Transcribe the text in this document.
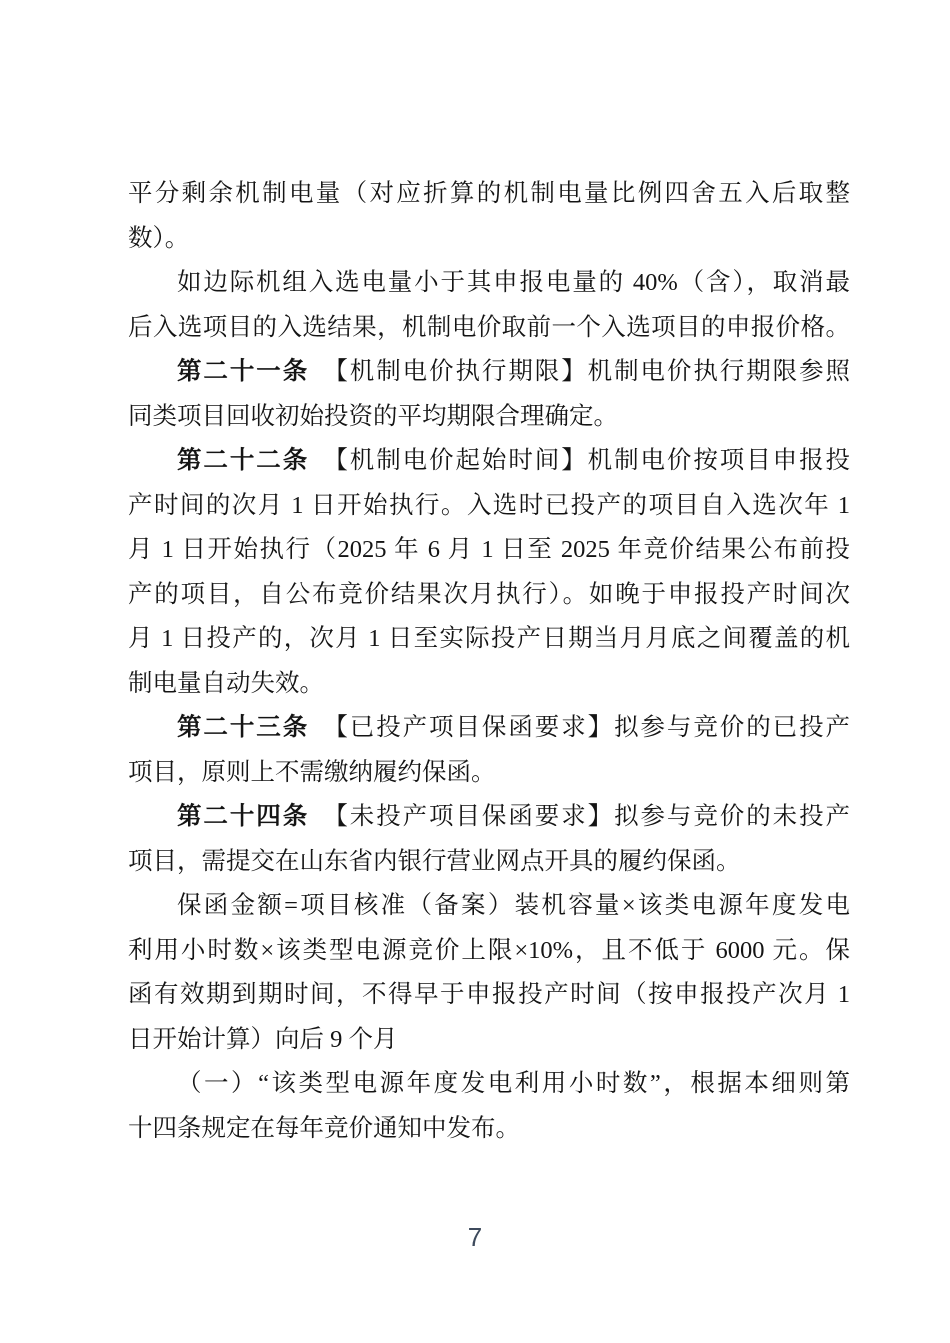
平分剩余机制电量（对应折算的机制电量比例四舍五入后取整
数）。
如边际机组入选电量小于其申报电量的 40%（含），取消最
后入选项目的入选结果，机制电价取前一个入选项目的申报价格。
第二十一条　【机制电价执行期限】机制电价执行期限参照
同类项目回收初始投资的平均期限合理确定。
第二十二条　【机制电价起始时间】机制电价按项目申报投
产时间的次月 1 日开始执行。入选时已投产的项目自入选次年 1
月 1 日开始执行（2025 年 6 月 1 日至 2025 年竞价结果公布前投
产的项目，自公布竞价结果次月执行）。如晚于申报投产时间次
月 1 日投产的，次月 1 日至实际投产日期当月月底之间覆盖的机
制电量自动失效。
第二十三条　【已投产项目保函要求】拟参与竞价的已投产
项目，原则上不需缴纳履约保函。
第二十四条　【未投产项目保函要求】拟参与竞价的未投产
项目，需提交在山东省内银行营业网点开具的履约保函。
保函金额=项目核准（备案）装机容量×该类电源年度发电
利用小时数×该类型电源竞价上限×10%，且不低于 6000 元。保
函有效期到期时间，不得早于申报投产时间（按申报投产次月 1
日开始计算）向后 9 个月
（一）“该类型电源年度发电利用小时数”，根据本细则第
十四条规定在每年竞价通知中发布。
7
